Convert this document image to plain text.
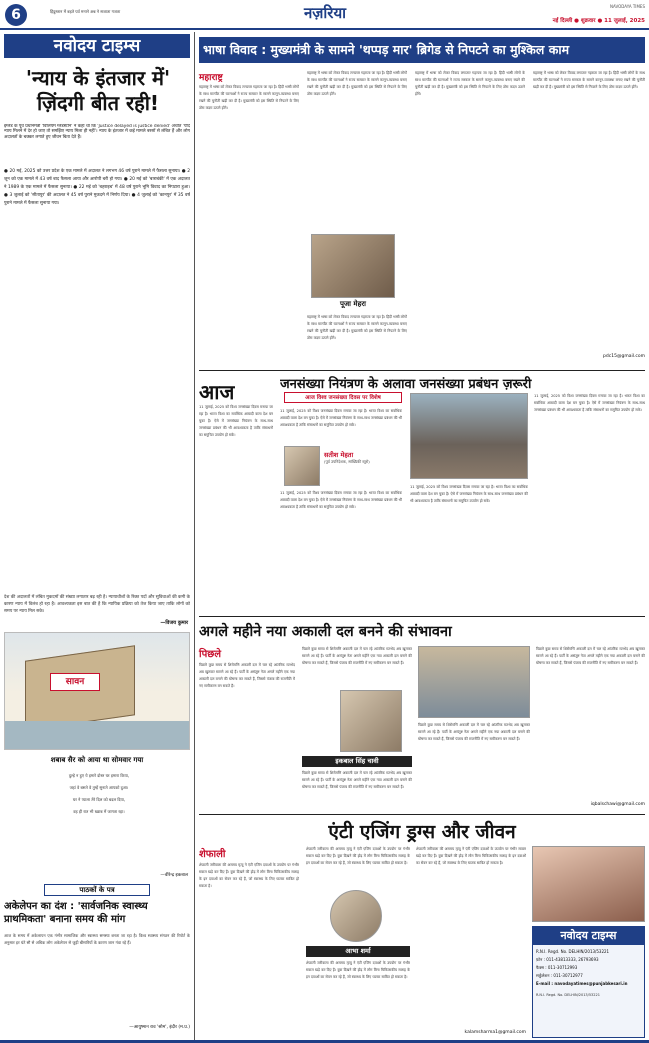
6	हिंदुस्तान में बहते पर्व मनाने अन्न ने सजाता गजता	नज़रिया	NAVODAYA TIMES
नई दिल्ली ● शुक्रवार ● 11 जुलाई, 2025
नवोदय टाइम्स
'न्याय के इंतजार में' ज़िंदगी बीत रही!
इंग्लैंड के पूर्व प्रधानमंत्री 'विलियम ग्लैडस्टोन' ने कहा था कि 'Justice delayed is justice denied' अर्थात 'यदि न्याय मिलने में देर हो जाए तो समझिए न्याय मिला ही नहीं'। न्याय के इंतजार में कई मामले बरसों से लंबित हैं और लोग अदालतों के चक्कर लगाते हुए जीवन बिता देते हैं।
● 20 मई, 2025 को उत्तर प्रदेश के एक मामले में अदालत ने लगभग 46 वर्ष पुराने मामले में फैसला सुनाया। ● 2 जून को एक मामले में 43 वर्ष बाद फैसला आया और आरोपी बरी हो गया। ● 20 मई को 'बाराबंकी' में एक अदालत ने 1989 के एक मामले में फैसला सुनाया। ● 22 मई को 'बहराइच' में 48 वर्ष पुराने भूमि विवाद का निपटारा हुआ। ● 3 जुलाई को 'सीतापुर' की अदालत ने 45 वर्ष पुराने मुकदमे में निर्णय दिया। ● 4 जुलाई को 'कानपुर' में 35 वर्ष पुराने मामले में फैसला सुनाया गया।
देश की अदालतों में लंबित मुकदमों की संख्या लगातार बढ़ रही है। न्यायाधीशों के रिक्त पदों और सुविधाओं की कमी के कारण न्याय में विलंब हो रहा है। आवश्यकता इस बात की है कि न्यायिक प्रक्रिया को तेज किया जाए ताकि लोगों को समय पर न्याय मिल सके।
—विजय कुमार
सावन
शबाब सैर को आया था सोमवार गया
दुल्हे न हुए ये हमारे दोस्त घर हमारा किया,
जहां वे बसते वे तुम्हें सुनाते आपको दुआ।
घर ने प्याला तेरे दिल को बदल दिया,
वह ही रात भी ख्वाब में जागता रहा।
—वीरेन्द्र इकबाल
पाठकों के पत्र
अकेलेपन का दंश : 'सार्वजनिक स्वास्थ्य प्राथमिकता' बनाना समय की मांग
आज के समय में अकेलापन एक गंभीर सामाजिक और स्वास्थ्य समस्या बनता जा रहा है। विश्व स्वास्थ्य संगठन की रिपोर्ट के अनुसार हर घंटे सौ से अधिक लोग अकेलेपन से जुड़ी बीमारियों के कारण जान गंवा रहे हैं।
—आयुष्मान राव 'सोम', इंदौर (म.प्र.)
भाषा विवाद : मुख्यमंत्री के सामने 'थप्पड़ मार' ब्रिगेड से निपटने का मुश्किल काम
महाराष्ट्र
महाराष्ट्र में भाषा को लेकर विवाद लगातार गहराता जा रहा है। हिंदी भाषी लोगों के साथ मारपीट की घटनाओं ने राज्य सरकार के सामने कानून-व्यवस्था बनाए रखने की चुनौती खड़ी कर दी है। मुख्यमंत्री को इस स्थिति से निपटने के लिए ठोस कदम उठाने होंगे।
महाराष्ट्र में भाषा को लेकर विवाद लगातार गहराता जा रहा है। हिंदी भाषी लोगों के साथ मारपीट की घटनाओं ने राज्य सरकार के सामने कानून-व्यवस्था बनाए रखने की चुनौती खड़ी कर दी है। मुख्यमंत्री को इस स्थिति से निपटने के लिए ठोस कदम उठाने होंगे।
पूजा मेहरा
महाराष्ट्र में भाषा को लेकर विवाद लगातार गहराता जा रहा है। हिंदी भाषी लोगों के साथ मारपीट की घटनाओं ने राज्य सरकार के सामने कानून-व्यवस्था बनाए रखने की चुनौती खड़ी कर दी है। मुख्यमंत्री को इस स्थिति से निपटने के लिए ठोस कदम उठाने होंगे।
महाराष्ट्र में भाषा को लेकर विवाद लगातार गहराता जा रहा है। हिंदी भाषी लोगों के साथ मारपीट की घटनाओं ने राज्य सरकार के सामने कानून-व्यवस्था बनाए रखने की चुनौती खड़ी कर दी है। मुख्यमंत्री को इस स्थिति से निपटने के लिए ठोस कदम उठाने होंगे।
महाराष्ट्र में भाषा को लेकर विवाद लगातार गहराता जा रहा है। हिंदी भाषी लोगों के साथ मारपीट की घटनाओं ने राज्य सरकार के सामने कानून-व्यवस्था बनाए रखने की चुनौती खड़ी कर दी है। मुख्यमंत्री को इस स्थिति से निपटने के लिए ठोस कदम उठाने होंगे।
pdc15@gmail.com
आज
11 जुलाई, 2025 को विश्व जनसंख्या दिवस मनाया जा रहा है। भारत विश्व का सर्वाधिक आबादी वाला देश बन चुका है। ऐसे में जनसंख्या नियंत्रण के साथ-साथ जनसंख्या प्रबंधन की भी आवश्यकता है ताकि संसाधनों का समुचित उपयोग हो सके।
जनसंख्या नियंत्रण के अलावा जनसंख्या प्रबंधन ज़रूरी
आज विश्व जनसंख्या दिवस पर विशेष
11 जुलाई, 2025 को विश्व जनसंख्या दिवस मनाया जा रहा है। भारत विश्व का सर्वाधिक आबादी वाला देश बन चुका है। ऐसे में जनसंख्या नियंत्रण के साथ-साथ जनसंख्या प्रबंधन की भी आवश्यकता है ताकि संसाधनों का समुचित उपयोग हो सके।
सतीश मेहता
(पूर्व उपनिदेशक, सांख्यिकी ब्यूरो)
11 जुलाई, 2025 को विश्व जनसंख्या दिवस मनाया जा रहा है। भारत विश्व का सर्वाधिक आबादी वाला देश बन चुका है। ऐसे में जनसंख्या नियंत्रण के साथ-साथ जनसंख्या प्रबंधन की भी आवश्यकता है ताकि संसाधनों का समुचित उपयोग हो सके।
11 जुलाई, 2025 को विश्व जनसंख्या दिवस मनाया जा रहा है। भारत विश्व का सर्वाधिक आबादी वाला देश बन चुका है। ऐसे में जनसंख्या नियंत्रण के साथ-साथ जनसंख्या प्रबंधन की भी आवश्यकता है ताकि संसाधनों का समुचित उपयोग हो सके।
11 जुलाई, 2025 को विश्व जनसंख्या दिवस मनाया जा रहा है। भारत विश्व का सर्वाधिक आबादी वाला देश बन चुका है। ऐसे में जनसंख्या नियंत्रण के साथ-साथ जनसंख्या प्रबंधन की भी आवश्यकता है ताकि संसाधनों का समुचित उपयोग हो सके।
अगले महीने नया अकाली दल बनने की संभावना
पिछले
पिछले कुछ समय से शिरोमणि अकाली दल में चल रहे आंतरिक मतभेद अब खुलकर सामने आ रहे हैं। पार्टी के असंतुष्ट नेता अगले महीने एक नया अकाली दल बनाने की घोषणा कर सकते हैं, जिससे पंजाब की राजनीति में नए समीकरण बन सकते हैं।
पिछले कुछ समय से शिरोमणि अकाली दल में चल रहे आंतरिक मतभेद अब खुलकर सामने आ रहे हैं। पार्टी के असंतुष्ट नेता अगले महीने एक नया अकाली दल बनाने की घोषणा कर सकते हैं, जिससे पंजाब की राजनीति में नए समीकरण बन सकते हैं।
इकबाल सिंह चावी
पिछले कुछ समय से शिरोमणि अकाली दल में चल रहे आंतरिक मतभेद अब खुलकर सामने आ रहे हैं। पार्टी के असंतुष्ट नेता अगले महीने एक नया अकाली दल बनाने की घोषणा कर सकते हैं, जिससे पंजाब की राजनीति में नए समीकरण बन सकते हैं।
पिछले कुछ समय से शिरोमणि अकाली दल में चल रहे आंतरिक मतभेद अब खुलकर सामने आ रहे हैं। पार्टी के असंतुष्ट नेता अगले महीने एक नया अकाली दल बनाने की घोषणा कर सकते हैं, जिससे पंजाब की राजनीति में नए समीकरण बन सकते हैं।
पिछले कुछ समय से शिरोमणि अकाली दल में चल रहे आंतरिक मतभेद अब खुलकर सामने आ रहे हैं। पार्टी के असंतुष्ट नेता अगले महीने एक नया अकाली दल बनाने की घोषणा कर सकते हैं, जिससे पंजाब की राजनीति में नए समीकरण बन सकते हैं।
iqbalschawi@gmail.com
एंटी एजिंग ड्रग्स और जीवन
शेफाली
शेफाली जरीवाला की असमय मृत्यु ने एंटी एजिंग दवाओं के उपयोग पर गंभीर सवाल खड़े कर दिए हैं। युवा दिखने की होड़ में लोग बिना चिकित्सकीय सलाह के इन दवाओं का सेवन कर रहे हैं, जो स्वास्थ्य के लिए घातक साबित हो सकता है।
शेफाली जरीवाला की असमय मृत्यु ने एंटी एजिंग दवाओं के उपयोग पर गंभीर सवाल खड़े कर दिए हैं। युवा दिखने की होड़ में लोग बिना चिकित्सकीय सलाह के इन दवाओं का सेवन कर रहे हैं, जो स्वास्थ्य के लिए घातक साबित हो सकता है।
आभा शर्मा
शेफाली जरीवाला की असमय मृत्यु ने एंटी एजिंग दवाओं के उपयोग पर गंभीर सवाल खड़े कर दिए हैं। युवा दिखने की होड़ में लोग बिना चिकित्सकीय सलाह के इन दवाओं का सेवन कर रहे हैं, जो स्वास्थ्य के लिए घातक साबित हो सकता है।
शेफाली जरीवाला की असमय मृत्यु ने एंटी एजिंग दवाओं के उपयोग पर गंभीर सवाल खड़े कर दिए हैं। युवा दिखने की होड़ में लोग बिना चिकित्सकीय सलाह के इन दवाओं का सेवन कर रहे हैं, जो स्वास्थ्य के लिए घातक साबित हो सकता है।
kalamsharma1@gmail.com
नवोदय टाइम्स
R.N.I. Regd. No. DELHIN/2013/53221
फ़ोन : 011-43813333, 26793693
फैक्स : 011-30712993
सर्कुलेशन : 011-30712977
E-mail : navodayatimes@punjabkesari.in
R.N.I. Regd. No. DELHIN/2013/53221
